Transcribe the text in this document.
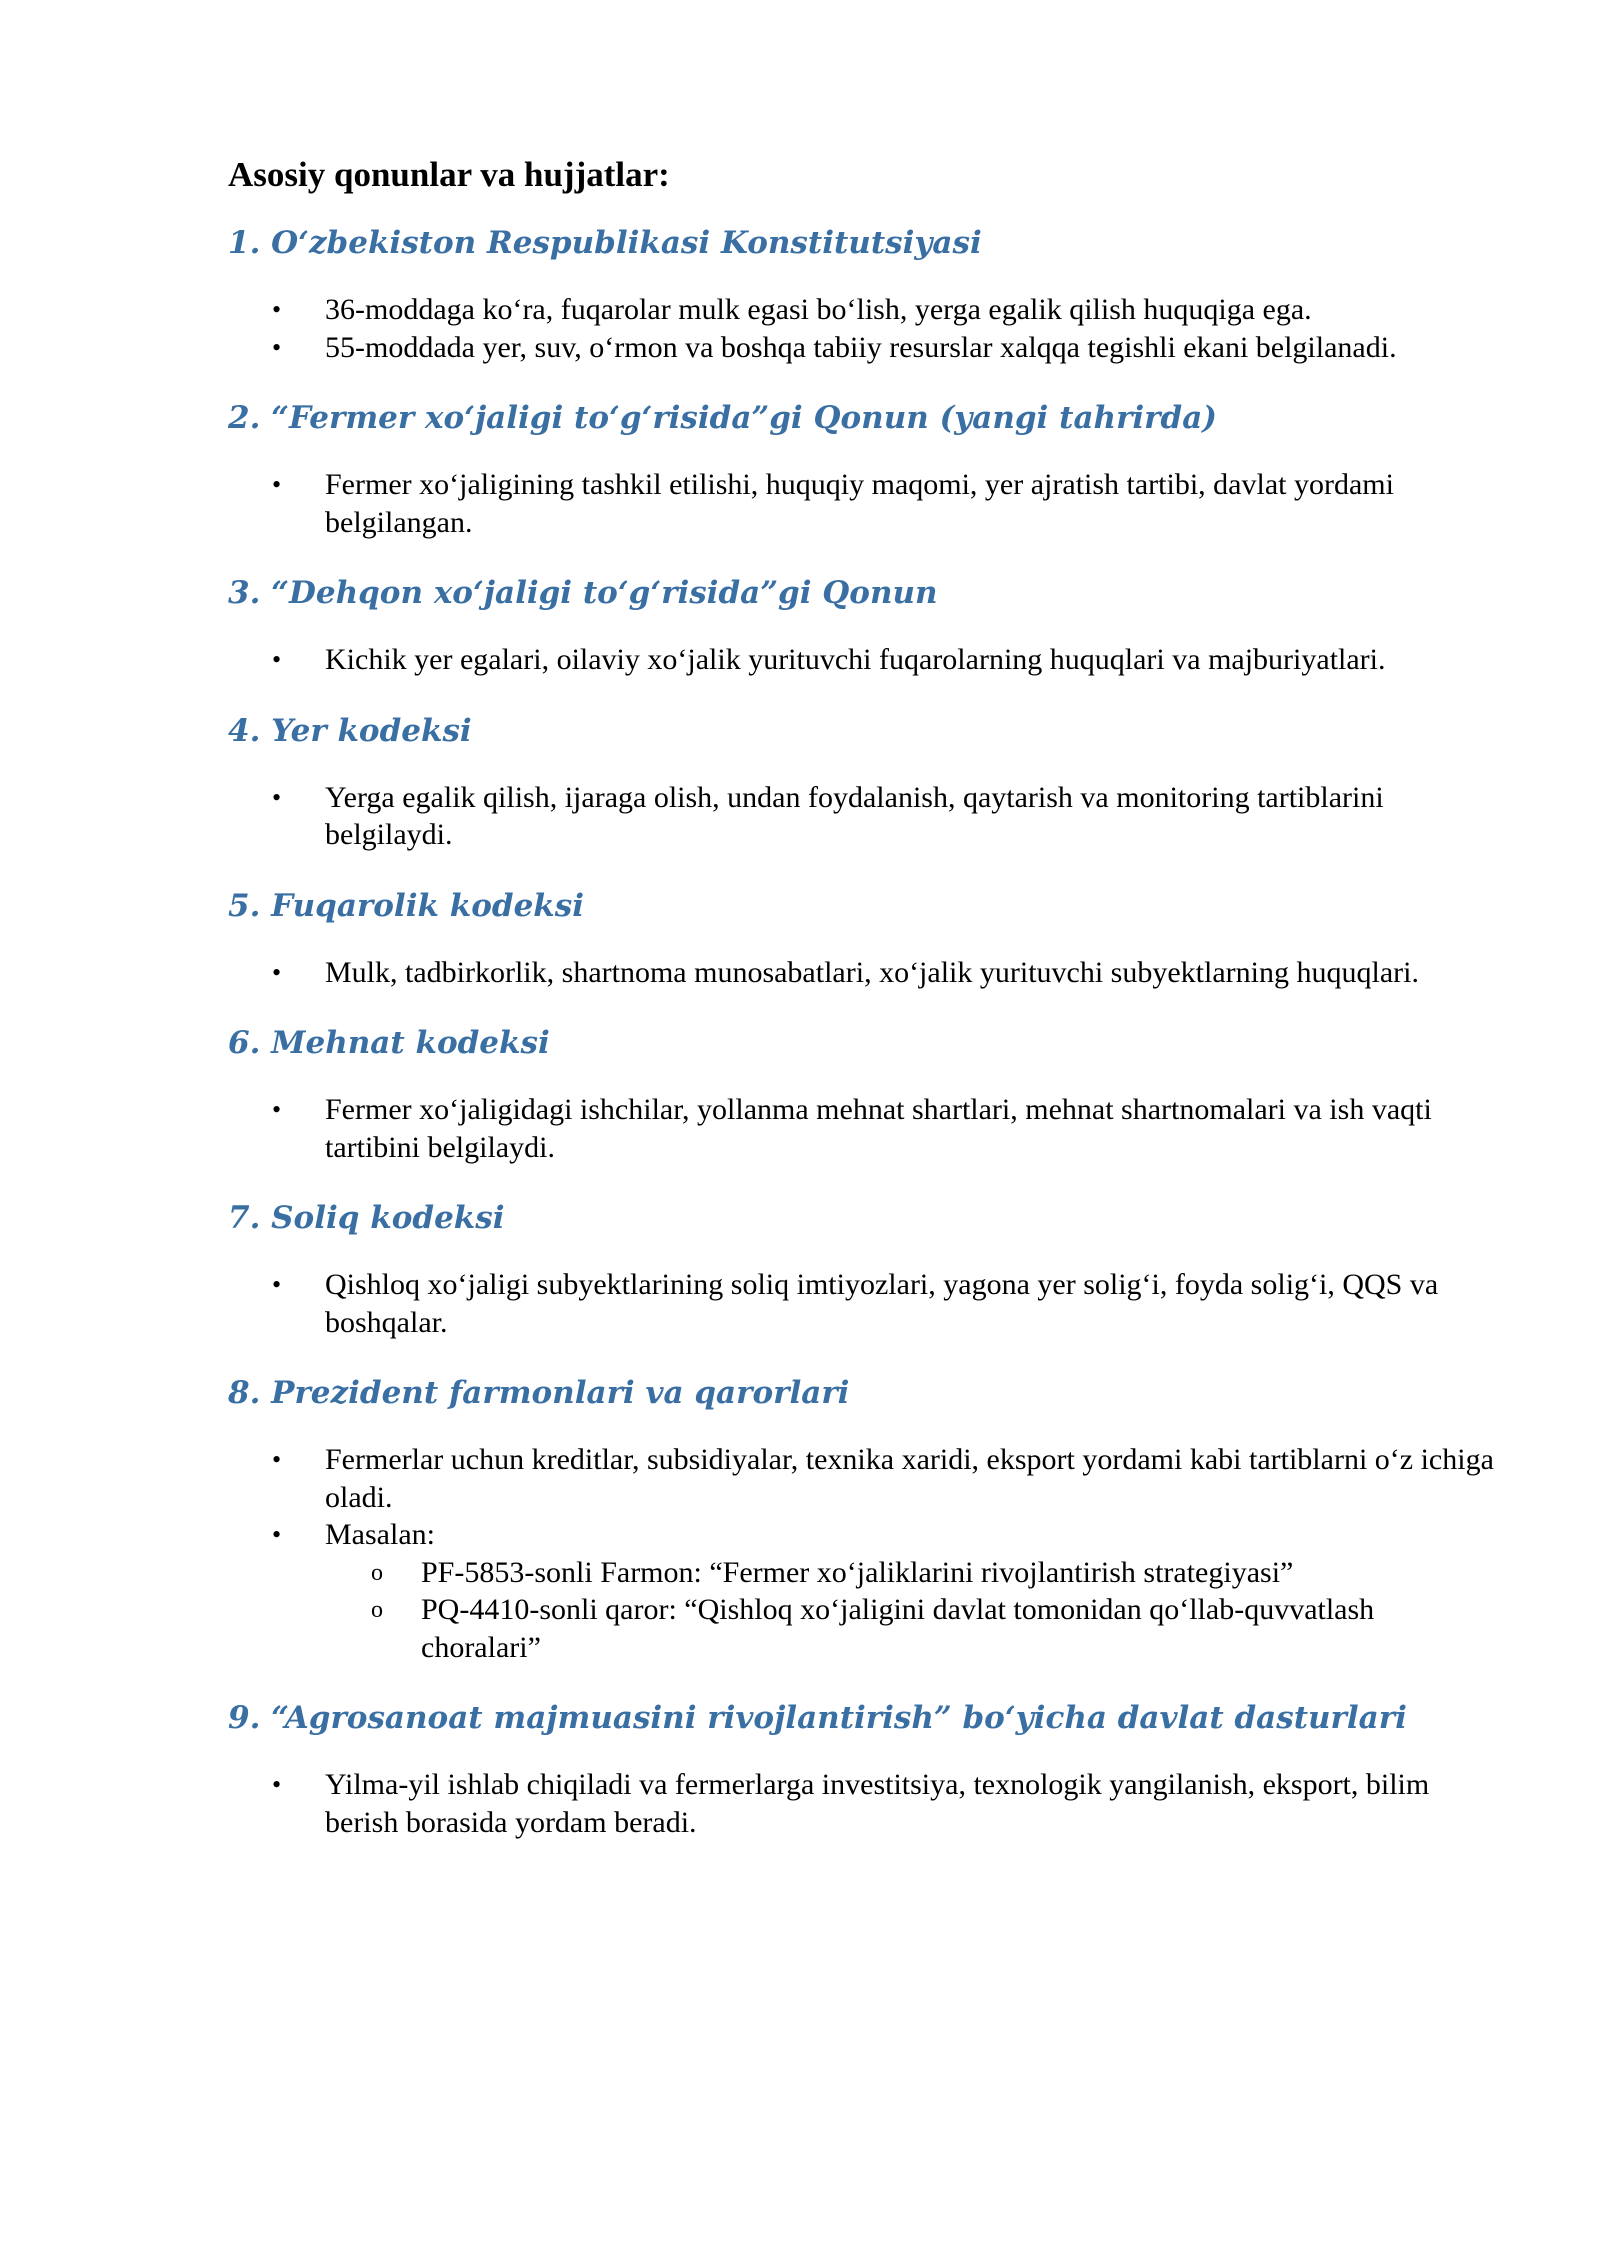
Asosiy qonunlar va hujjatlar:
1. O‘zbekiston Respublikasi Konstitutsiyasi
• 36-moddaga ko‘ra, fuqarolar mulk egasi bo‘lish, yerga egalik qilish huquqiga ega.
• 55-moddada yer, suv, o‘rmon va boshqa tabiiy resurslar xalqqa tegishli ekani belgilanadi.
2. “Fermer xo‘jaligi to‘g‘risida”gi Qonun (yangi tahrirda)
• Fermer xo‘jaligining tashkil etilishi, huquqiy maqomi, yer ajratish tartibi, davlat yordami belgilangan.
3. “Dehqon xo‘jaligi to‘g‘risida”gi Qonun
• Kichik yer egalari, oilaviy xo‘jalik yurituvchi fuqarolarning huquqlari va majburiyatlari.
4. Yer kodeksi
• Yerga egalik qilish, ijaraga olish, undan foydalanish, qaytarish va monitoring tartiblarini belgilaydi.
5. Fuqarolik kodeksi
• Mulk, tadbirkorlik, shartnoma munosabatlari, xo‘jalik yurituvchi subyektlarning huquqlari.
6. Mehnat kodeksi
• Fermer xo‘jaligidagi ishchilar, yollanma mehnat shartlari, mehnat shartnomalari va ish vaqti tartibini belgilaydi.
7. Soliq kodeksi
• Qishloq xo‘jaligi subyektlarining soliq imtiyozlari, yagona yer solig‘i, foyda solig‘i, QQS va boshqalar.
8. Prezident farmonlari va qarorlari
• Fermerlar uchun kreditlar, subsidiyalar, texnika xaridi, eksport yordami kabi tartiblarni o‘z ichiga oladi.
• Masalan:
o PF-5853-sonli Farmon: “Fermer xo‘jaliklarini rivojlantirish strategiyasi”
o PQ-4410-sonli qaror: “Qishloq xo‘jaligini davlat tomonidan qo‘llab-quvvatlash choralari”
9. “Agrosanoat majmuasini rivojlantirish” bo‘yicha davlat dasturlari
• Yilma-yil ishlab chiqiladi va fermerlarga investitsiya, texnologik yangilanish, eksport, bilim berish borasida yordam beradi.
